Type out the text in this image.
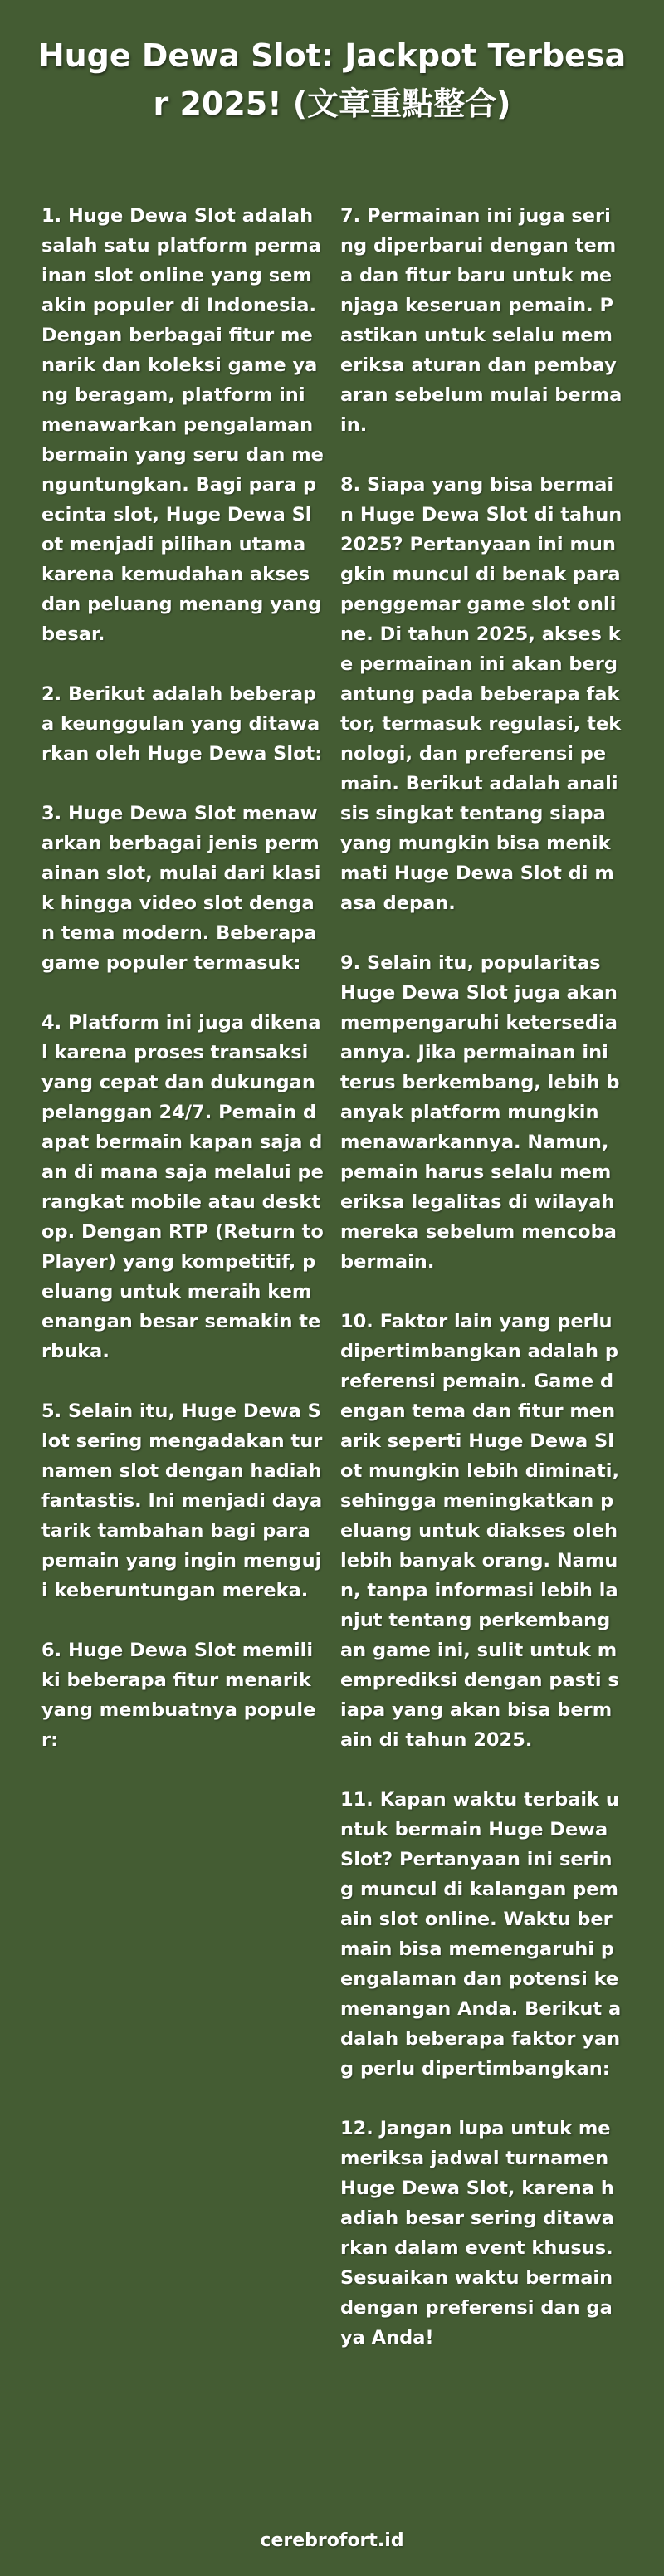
Huge Dewa Slot: Jackpot Terbesar 2025! (文章重點整合)

1. Huge Dewa Slot adalah salah satu platform permainan slot online yang semakin populer di Indonesia. Dengan berbagai fitur menarik dan koleksi game yang beragam, platform ini menawarkan pengalaman bermain yang seru dan menguntungkan. Bagi para pecinta slot, Huge Dewa Slot menjadi pilihan utama karena kemudahan akses dan peluang menang yang besar.

2. Berikut adalah beberapa keunggulan yang ditawarkan oleh Huge Dewa Slot:

3. Huge Dewa Slot menawarkan berbagai jenis permainan slot, mulai dari klasik hingga video slot dengan tema modern. Beberapa game populer termasuk:

4. Platform ini juga dikenal karena proses transaksi yang cepat dan dukungan pelanggan 24/7. Pemain dapat bermain kapan saja dan di mana saja melalui perangkat mobile atau desktop. Dengan RTP (Return to Player) yang kompetitif, peluang untuk meraih kemenangan besar semakin terbuka.

5. Selain itu, Huge Dewa Slot sering mengadakan turnamen slot dengan hadiah fantastis. Ini menjadi daya tarik tambahan bagi para pemain yang ingin menguji keberuntungan mereka.

6. Huge Dewa Slot memiliki beberapa fitur menarik yang membuatnya populer:

7. Permainan ini juga sering diperbarui dengan tema dan fitur baru untuk menjaga keseruan pemain. Pastikan untuk selalu memeriksa aturan dan pembayaran sebelum mulai bermain.

8. Siapa yang bisa bermain Huge Dewa Slot di tahun 2025? Pertanyaan ini mungkin muncul di benak para penggemar game slot online. Di tahun 2025, akses ke permainan ini akan bergantung pada beberapa faktor, termasuk regulasi, teknologi, dan preferensi pemain. Berikut adalah analisis singkat tentang siapa yang mungkin bisa menikmati Huge Dewa Slot di masa depan.

9. Selain itu, popularitas Huge Dewa Slot juga akan mempengaruhi ketersediaannya. Jika permainan ini terus berkembang, lebih banyak platform mungkin menawarkannya. Namun, pemain harus selalu memeriksa legalitas di wilayah mereka sebelum mencoba bermain.

10. Faktor lain yang perlu dipertimbangkan adalah preferensi pemain. Game dengan tema dan fitur menarik seperti Huge Dewa Slot mungkin lebih diminati, sehingga meningkatkan peluang untuk diakses oleh lebih banyak orang. Namun, tanpa informasi lebih lanjut tentang perkembangan game ini, sulit untuk memprediksi dengan pasti siapa yang akan bisa bermain di tahun 2025.

11. Kapan waktu terbaik untuk bermain Huge Dewa Slot? Pertanyaan ini sering muncul di kalangan pemain slot online. Waktu bermain bisa memengaruhi pengalaman dan potensi kemenangan Anda. Berikut adalah beberapa faktor yang perlu dipertimbangkan:

12. Jangan lupa untuk memeriksa jadwal turnamen Huge Dewa Slot, karena hadiah besar sering ditawarkan dalam event khusus. Sesuaikan waktu bermain dengan preferensi dan gaya Anda!

cerebrofort.id
